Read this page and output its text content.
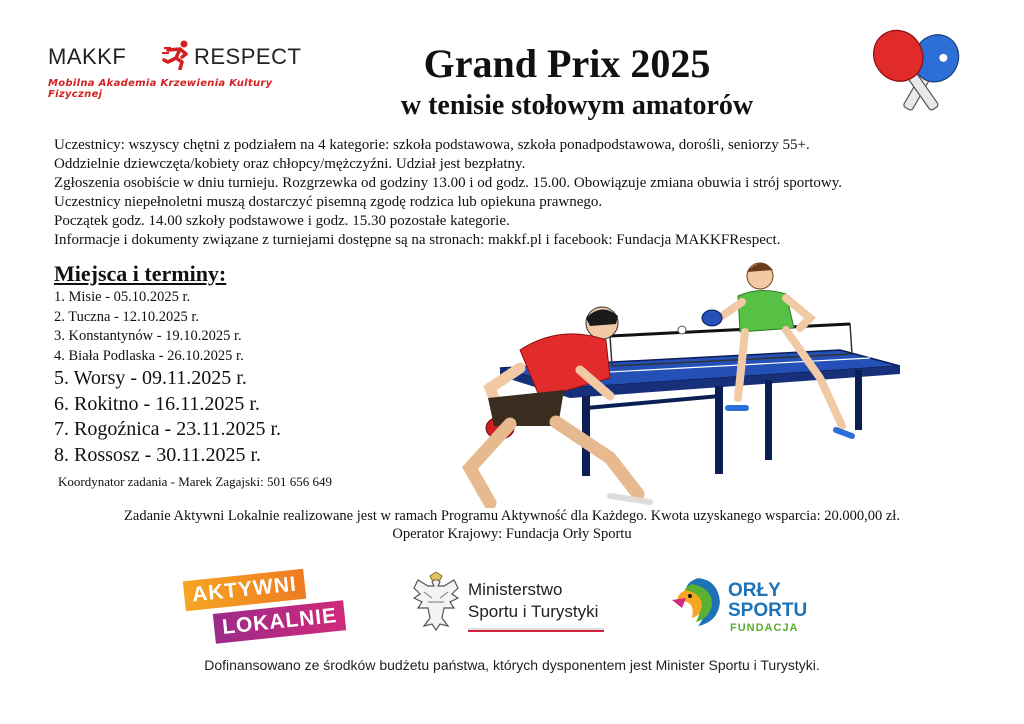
MAKKF	RESPECT
Mobilna Akademia Krzewienia Kultury Fizycznej
Grand Prix 2025
w tenisie stołowym amatorów
Uczestnicy: wszyscy chętni z podziałem na 4 kategorie: szkoła podstawowa, szkoła ponadpodstawowa, dorośli, seniorzy 55+.
Oddzielnie dziewczęta/kobiety oraz chłopcy/mężczyźni. Udział jest bezpłatny.
Zgłoszenia osobiście w dniu turnieju. Rozgrzewka od godziny 13.00 i od godz. 15.00. Obowiązuje zmiana obuwia i strój sportowy.
Uczestnicy niepełnoletni muszą dostarczyć pisemną zgodę rodzica lub opiekuna prawnego.
Początek godz. 14.00 szkoły podstawowe i godz. 15.30 pozostałe kategorie.
Informacje i dokumenty związane z turniejami dostępne są na stronach: makkf.pl i facebook: Fundacja MAKKFRespect.
Miejsca i terminy:
1. Misie - 05.10.2025 r.
2. Tuczna - 12.10.2025 r.
3. Konstantynów - 19.10.2025 r.
4. Biała Podlaska - 26.10.2025 r.
5. Worsy - 09.11.2025 r.
6. Rokitno - 16.11.2025 r.
7. Rogoźnica - 23.11.2025 r.
8. Rossosz - 30.11.2025 r.
Koordynator zadania - Marek Zagajski: 501 656 649
Zadanie Aktywni Lokalnie realizowane jest w ramach Programu Aktywność dla Każdego. Kwota uzyskanego wsparcia: 20.000,00 zł.
Operator Krajowy: Fundacja Orły Sportu
AKTYWNI
LOKALNIE
Ministerstwo
Sportu i Turystyki
ORŁY
SPORTU
FUNDACJA
Dofinansowano ze środków budżetu państwa, których dysponentem jest Minister Sportu i Turystyki.
